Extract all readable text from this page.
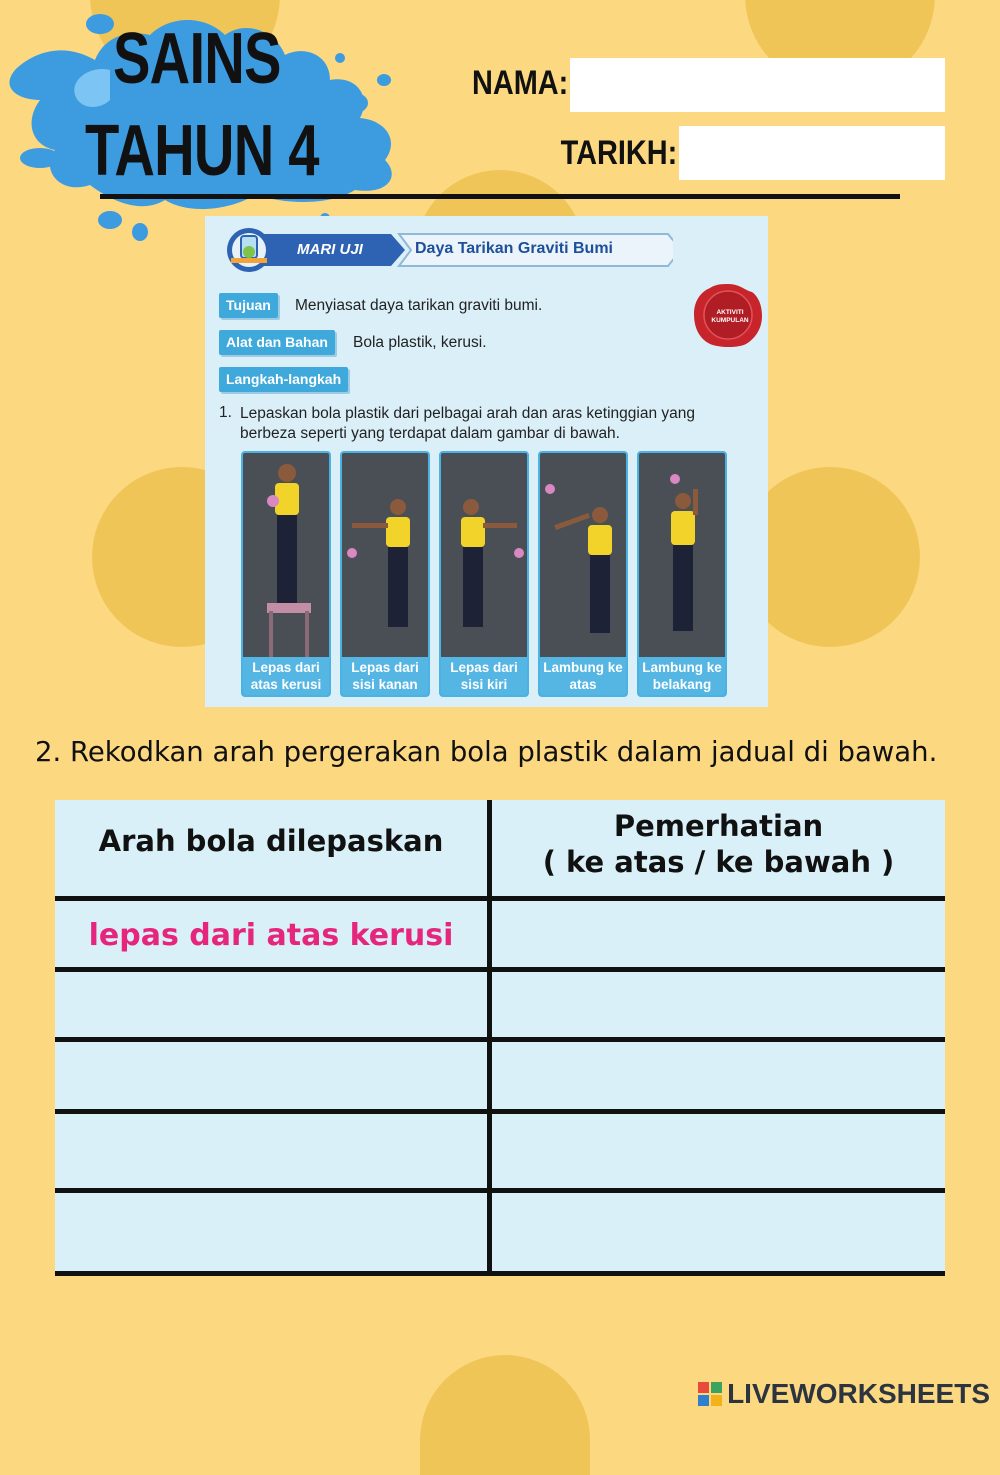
SAINS
TAHUN 4
NAMA:
TARIKH:
MARI UJI	Daya Tarikan Graviti Bumi
AKTIVITI KUMPULAN
Tujuan	Menyiasat daya tarikan graviti bumi.
Alat dan Bahan	Bola plastik, kerusi.
Langkah-langkah
1. Lepaskan bola plastik dari pelbagai arah dan aras ketinggian yang berbeza seperti yang terdapat dalam gambar di bawah.
Lepas dari
atas kerusi
Lepas dari
sisi kanan
Lepas dari
sisi kiri
Lambung ke
atas
Lambung ke
belakang
2. Rekodkan arah pergerakan bola plastik dalam jadual di bawah.
Arah bola dilepaskan	Pemerhatian
( ke atas / ke bawah )
lepas dari atas kerusi
LIVEWORKSHEETS
